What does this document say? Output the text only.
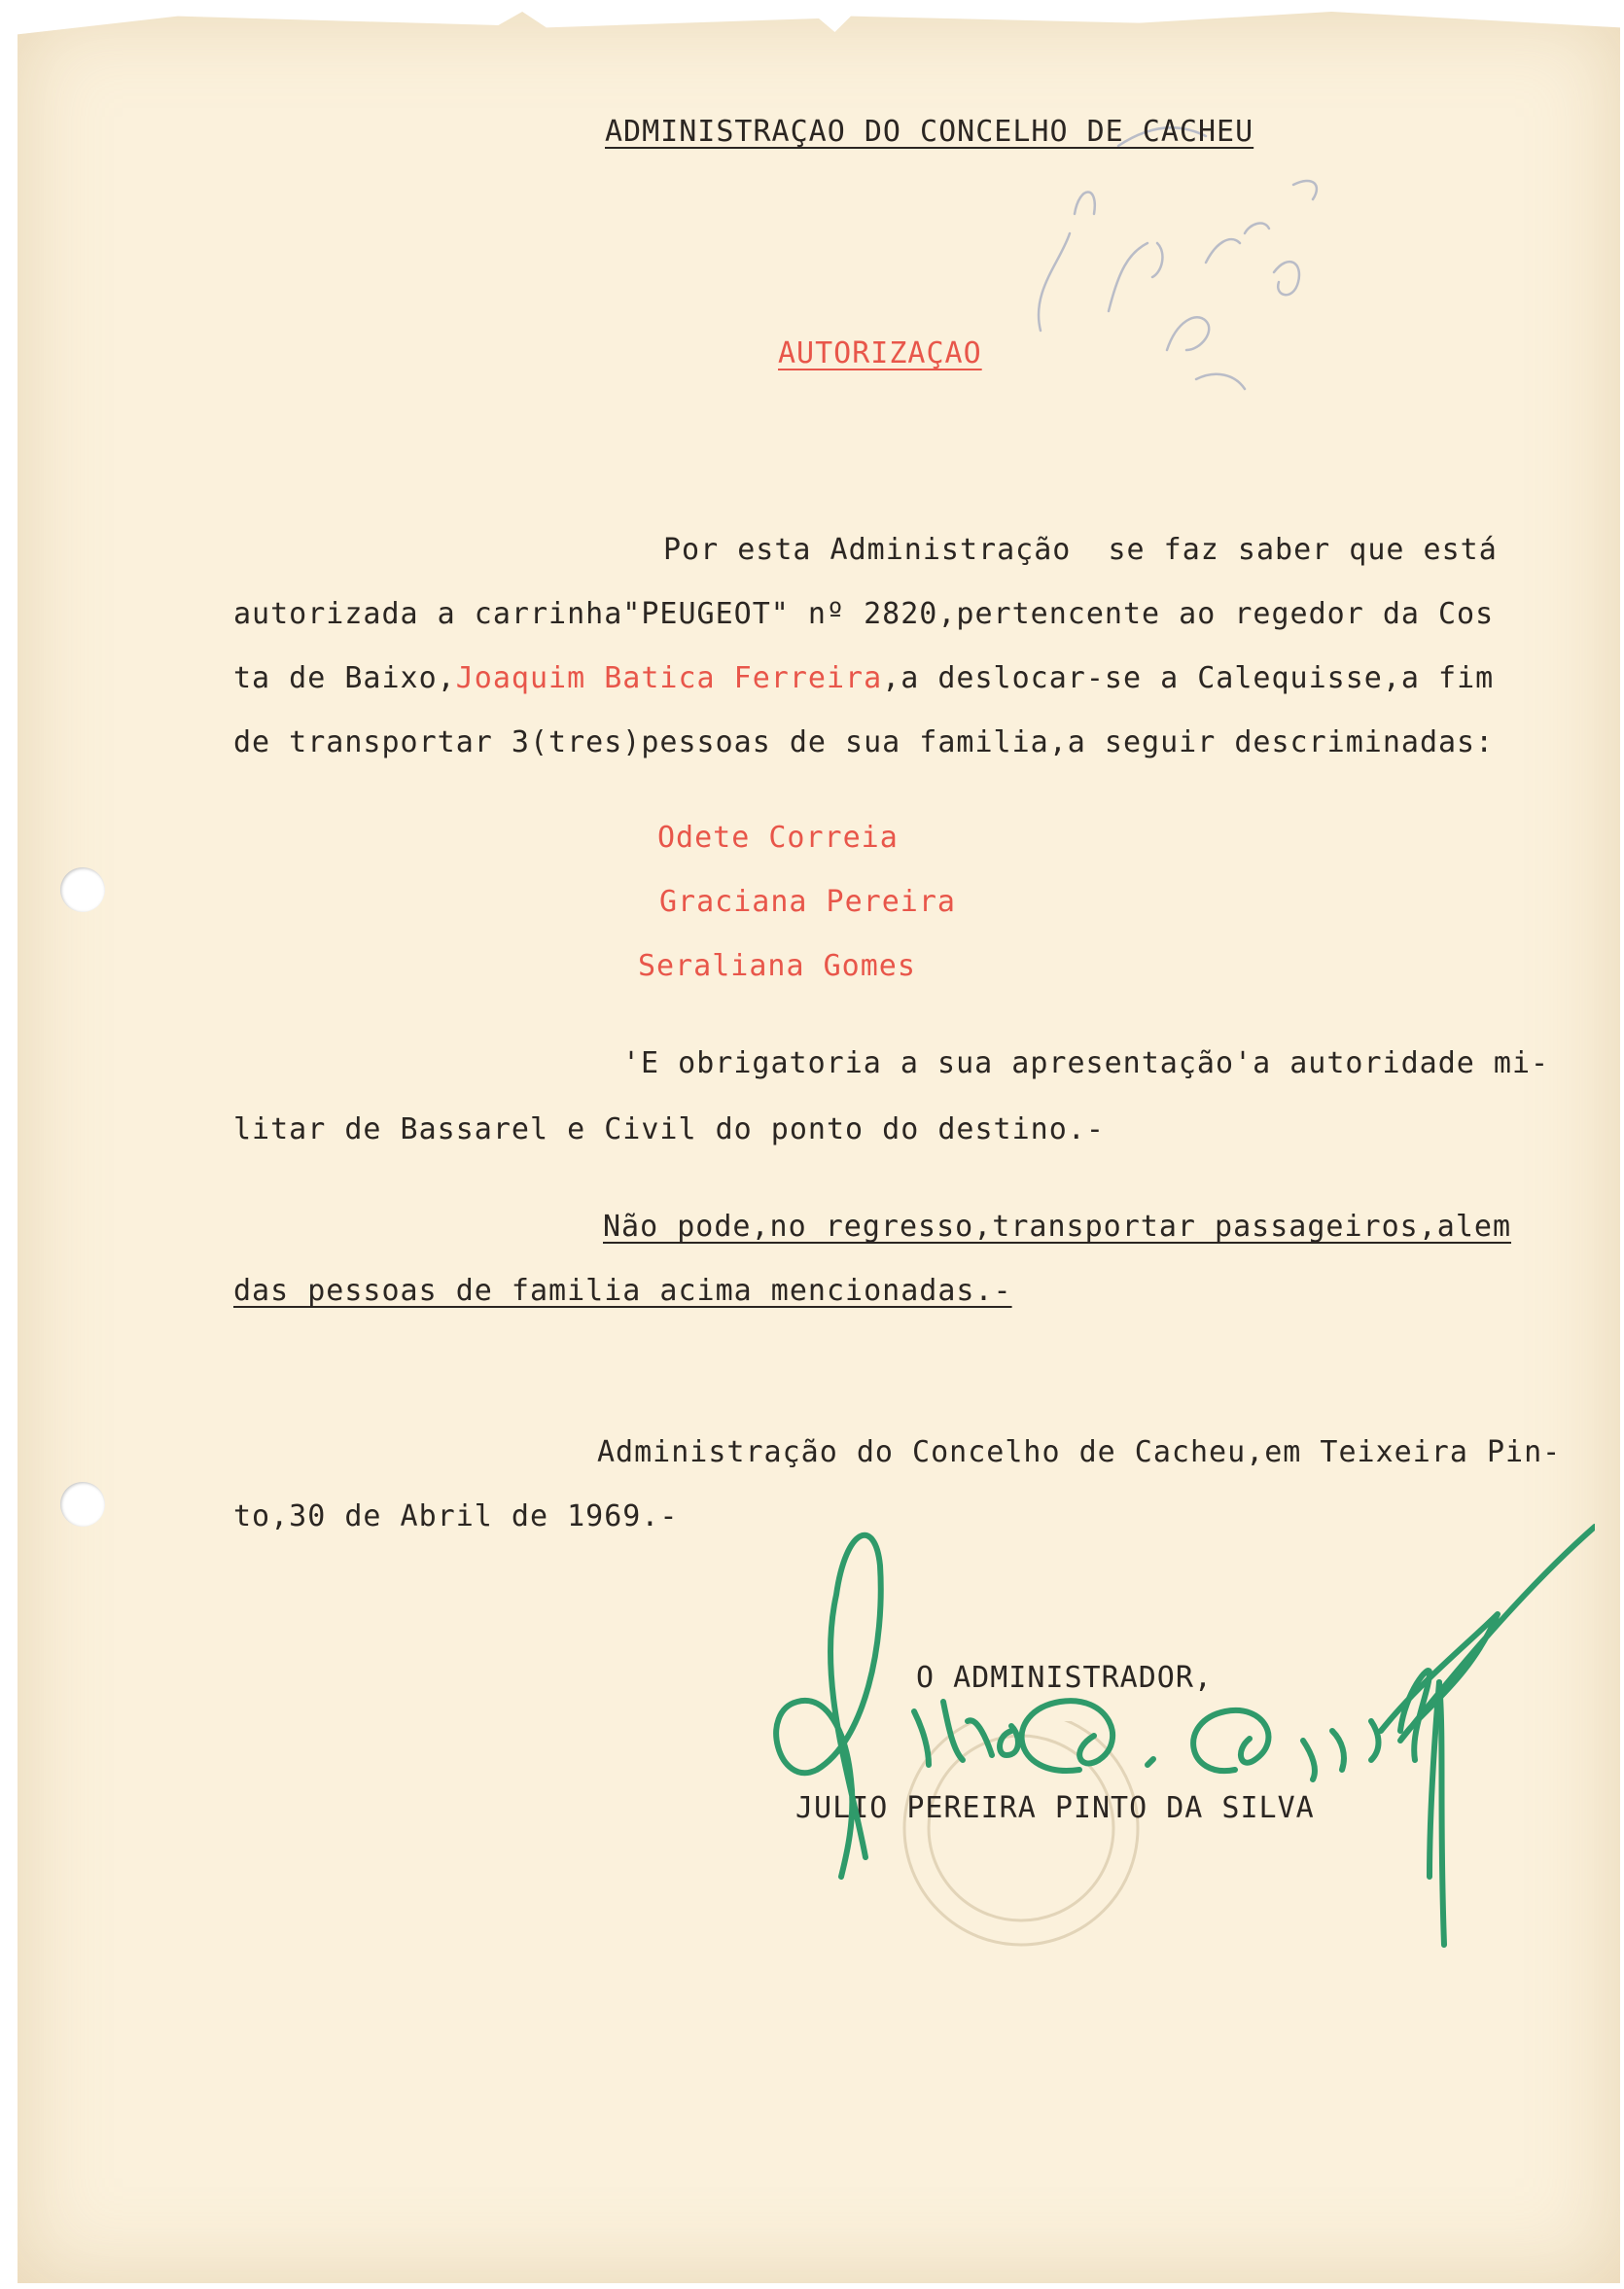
ADMINISTRAÇAO DO CONCELHO DE CACHEU
AUTORIZAÇAO
Por esta Administração  se faz saber que está
autorizada a carrinha"PEUGEOT" nº 2820,pertencente ao regedor da Cos
ta de Baixo,Joaquim Batica Ferreira,a deslocar-se a Calequisse,a fim
de transportar 3(tres)pessoas de sua familia,a seguir descriminadas:
Odete Correia
Graciana Pereira
Seraliana Gomes
'E obrigatoria a sua apresentação'a autoridade mi-
litar de Bassarel e Civil do ponto do destino.-
Não pode,no regresso,transportar passageiros,alem
das pessoas de familia acima mencionadas.-
Administração do Concelho de Cacheu,em Teixeira Pin-
to,30 de Abril de 1969.-
O ADMINISTRADOR,
JULIO PEREIRA PINTO DA SILVA
